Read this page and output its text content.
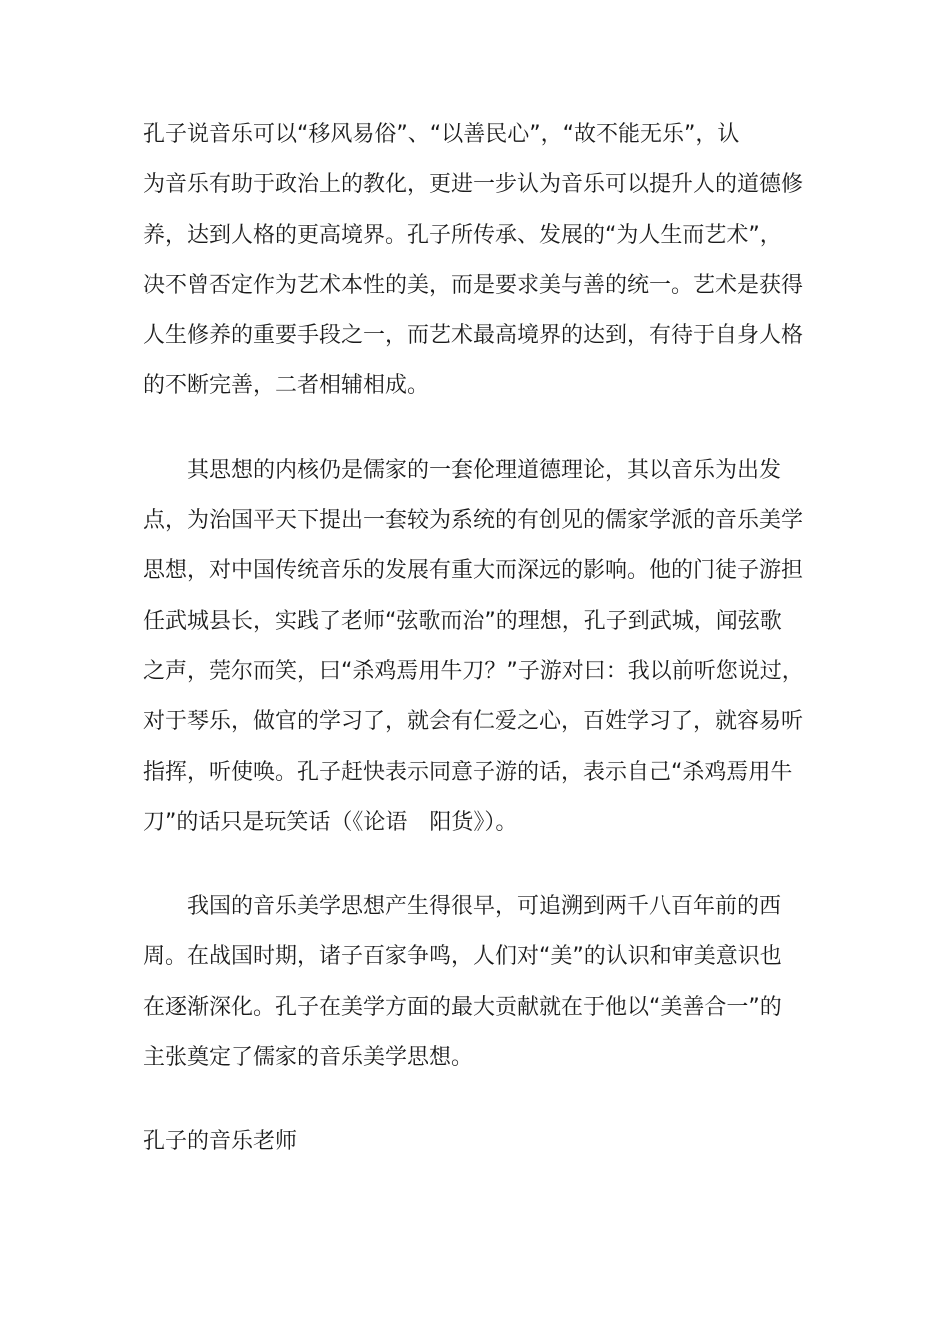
孔子说音乐可以“移风易俗”、“以善民心”，“故不能无乐”，认
为音乐有助于政治上的教化，更进一步认为音乐可以提升人的道德修
养，达到人格的更高境界。孔子所传承、发展的“为人生而艺术”，
决不曾否定作为艺术本性的美，而是要求美与善的统一。艺术是获得
人生修养的重要手段之一，而艺术最高境界的达到，有待于自身人格
的不断完善，二者相辅相成。
其思想的内核仍是儒家的一套伦理道德理论，其以音乐为出发
点，为治国平天下提出一套较为系统的有创见的儒家学派的音乐美学
思想，对中国传统音乐的发展有重大而深远的影响。他的门徒子游担
任武城县长，实践了老师“弦歌而治”的理想，孔子到武城，闻弦歌
之声，莞尔而笑，曰“杀鸡焉用牛刀？”子游对曰：我以前听您说过，
对于琴乐，做官的学习了，就会有仁爱之心，百姓学习了，就容易听
指挥，听使唤。孔子赶快表示同意子游的话，表示自己“杀鸡焉用牛
刀”的话只是玩笑话（《论语　阳货》）。
我国的音乐美学思想产生得很早，可追溯到两千八百年前的西
周。在战国时期，诸子百家争鸣，人们对“美”的认识和审美意识也
在逐渐深化。孔子在美学方面的最大贡献就在于他以“美善合一”的
主张奠定了儒家的音乐美学思想。
孔子的音乐老师
